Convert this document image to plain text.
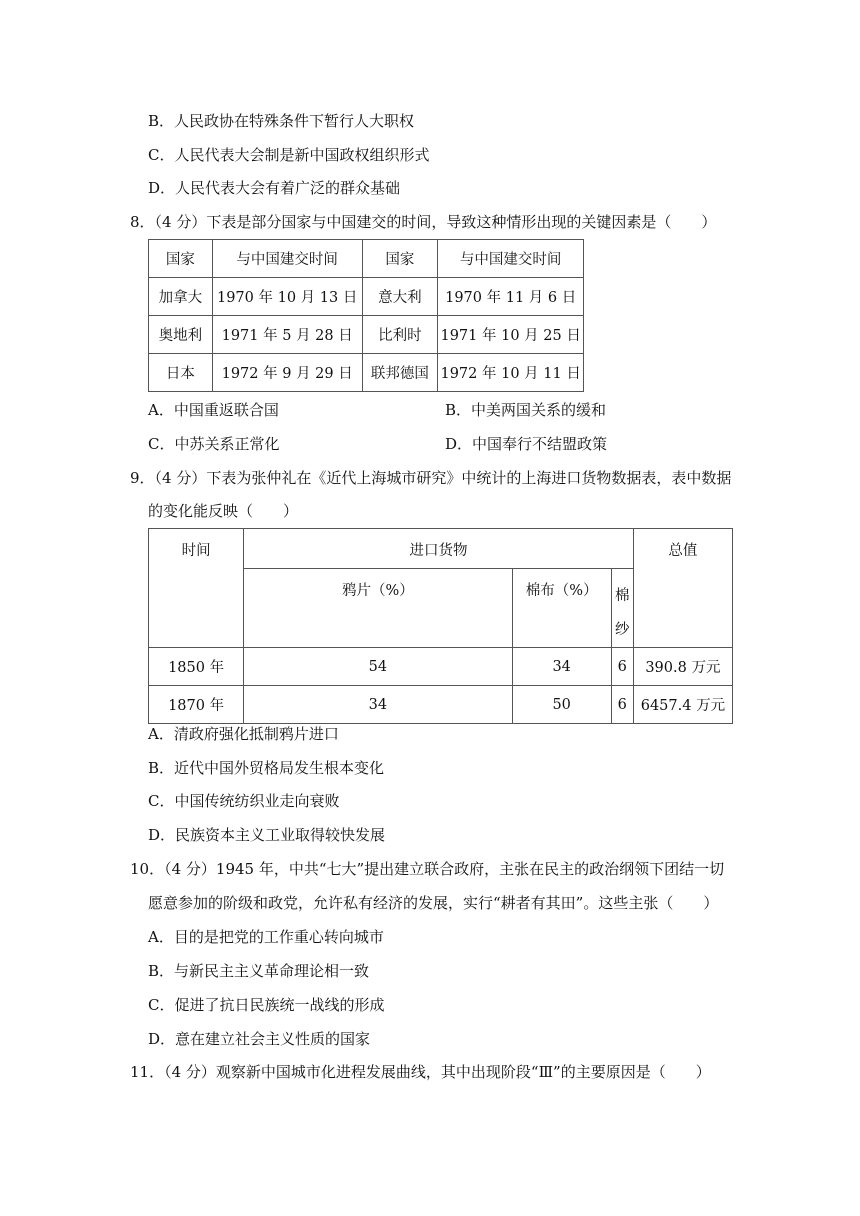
B．人民政协在特殊条件下暂行人大职权
C．人民代表大会制是新中国政权组织形式
D．人民代表大会有着广泛的群众基础
8．（4 分）下表是部分国家与中国建交的时间，导致这种情形出现的关键因素是（　　）
国家	与中国建交时间	国家	与中国建交时间
加拿大	1970 年 10 月 13 日	意大利	1970 年 11 月 6 日
奥地利	1971 年 5 月 28 日	比利时	1971 年 10 月 25 日
日本	1972 年 9 月 29 日	联邦德国	1972 年 10 月 11 日
A．中国重返联合国	B．中美两国关系的缓和
C．中苏关系正常化	D．中国奉行不结盟政策
9．（4 分）下表为张仲礼在《近代上海城市研究》中统计的上海进口货物数据表，表中数据
的变化能反映（　　）
时间	进口货物			总值
	鸦片（%）	棉布（%）	棉
纱	

1850 年	54	34	6	390.8 万元
1870 年	34	50	6	6457.4 万元
A．清政府强化抵制鸦片进口
B．近代中国外贸格局发生根本变化
C．中国传统纺织业走向衰败
D．民族资本主义工业取得较快发展
10．（4 分）1945 年，中共“七大”提出建立联合政府，主张在民主的政治纲领下团结一切
愿意参加的阶级和政党，允许私有经济的发展，实行“耕者有其田”。这些主张（　　）
A．目的是把党的工作重心转向城市
B．与新民主主义革命理论相一致
C．促进了抗日民族统一战线的形成
D．意在建立社会主义性质的国家
11．（4 分）观察新中国城市化进程发展曲线，其中出现阶段“Ⅲ”的主要原因是（　　）
